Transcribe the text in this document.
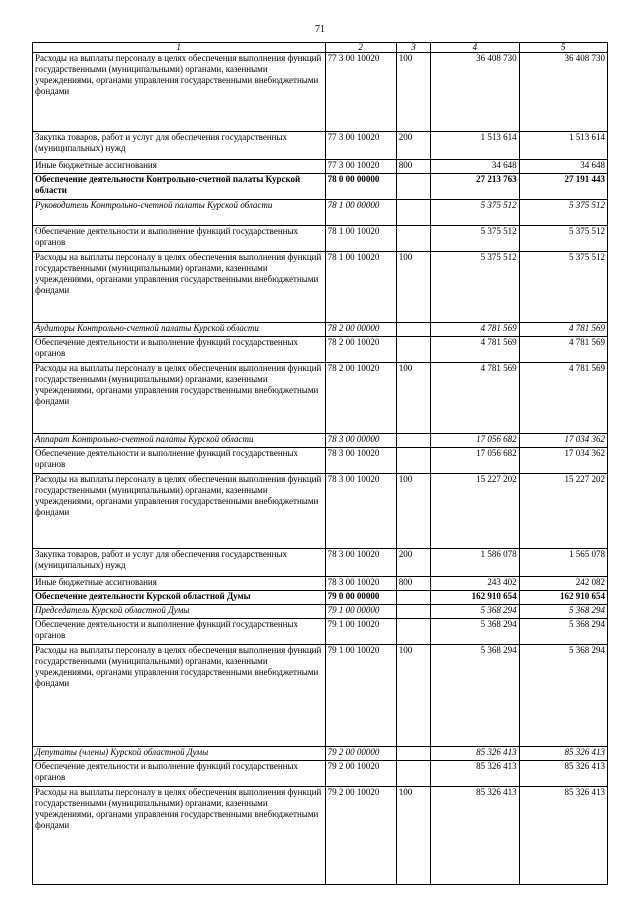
71
1	2	3	4	5
Расходы на выплаты персоналу в целях обеспечения выполнения функций государственными (муниципальными) органами, казенными учреждениями, органами управления государственными внебюджетными фондами	77 3 00 10020	100	36 408 730	36 408 730
Закупка товаров, работ и услуг для обеспечения государственных (муниципальных) нужд	77 3 00 10020	200	1 513 614	1 513 614
Иные бюджетные ассигнования	77 3 00 10020	800	34 648	34 648
Обеспечение деятельности Контрольно-счетной палаты Курской области	78 0 00 00000		27 213 763	27 191 443
Руководитель Контрольно-счетной палаты Курской области	78 1 00 00000		5 375 512	5 375 512
Обеспечение деятельности и выполнение функций государственных органов	78 1 00 10020		5 375 512	5 375 512
Расходы на выплаты персоналу в целях обеспечения выполнения функций государственными (муниципальными) органами, казенными учреждениями, органами управления государственными внебюджетными фондами	78 1 00 10020	100	5 375 512	5 375 512
Аудиторы Контрольно-счетной палаты Курской области	78 2 00 00000		4 781 569	4 781 569
Обеспечение деятельности и выполнение функций государственных органов	78 2 00 10020		4 781 569	4 781 569
Расходы на выплаты персоналу в целях обеспечения выполнения функций государственными (муниципальными) органами, казенными учреждениями, органами управления государственными внебюджетными фондами	78 2 00 10020	100	4 781 569	4 781 569
Аппарат Контрольно-счетной палаты Курской области	78 3 00 00000		17 056 682	17 034 362
Обеспечение деятельности и выполнение функций государственных органов	78 3 00 10020		17 056 682	17 034 362
Расходы на выплаты персоналу в целях обеспечения выполнения функций государственными (муниципальными) органами, казенными учреждениями, органами управления государственными внебюджетными фондами	78 3 00 10020	100	15 227 202	15 227 202
Закупка товаров, работ и услуг для обеспечения государственных (муниципальных) нужд	78 3 00 10020	200	1 586 078	1 565 078
Иные бюджетные ассигнования	78 3 00 10020	800	243 402	242 082
Обеспечение деятельности Курской областной Думы	79 0 00 00000		162 910 654	162 910 654
Председатель Курской областной Думы	79 1 00 00000		5 368 294	5 368 294
Обеспечение деятельности и выполнение функций государственных органов	79 1 00 10020		5 368 294	5 368 294
Расходы на выплаты персоналу в целях обеспечения выполнения функций государственными (муниципальными) органами, казенными учреждениями, органами управления государственными внебюджетными фондами	79 1 00 10020	100	5 368 294	5 368 294
Депутаты (члены) Курской областной Думы	79 2 00 00000		85 326 413	85 326 413
Обеспечение деятельности и выполнение функций государственных органов	79 2 00 10020		85 326 413	85 326 413
Расходы на выплаты персоналу в целях обеспечения выполнения функций государственными (муниципальными) органами, казенными учреждениями, органами управления государственными внебюджетными фондами	79 2 00 10020	100	85 326 413	85 326 413
